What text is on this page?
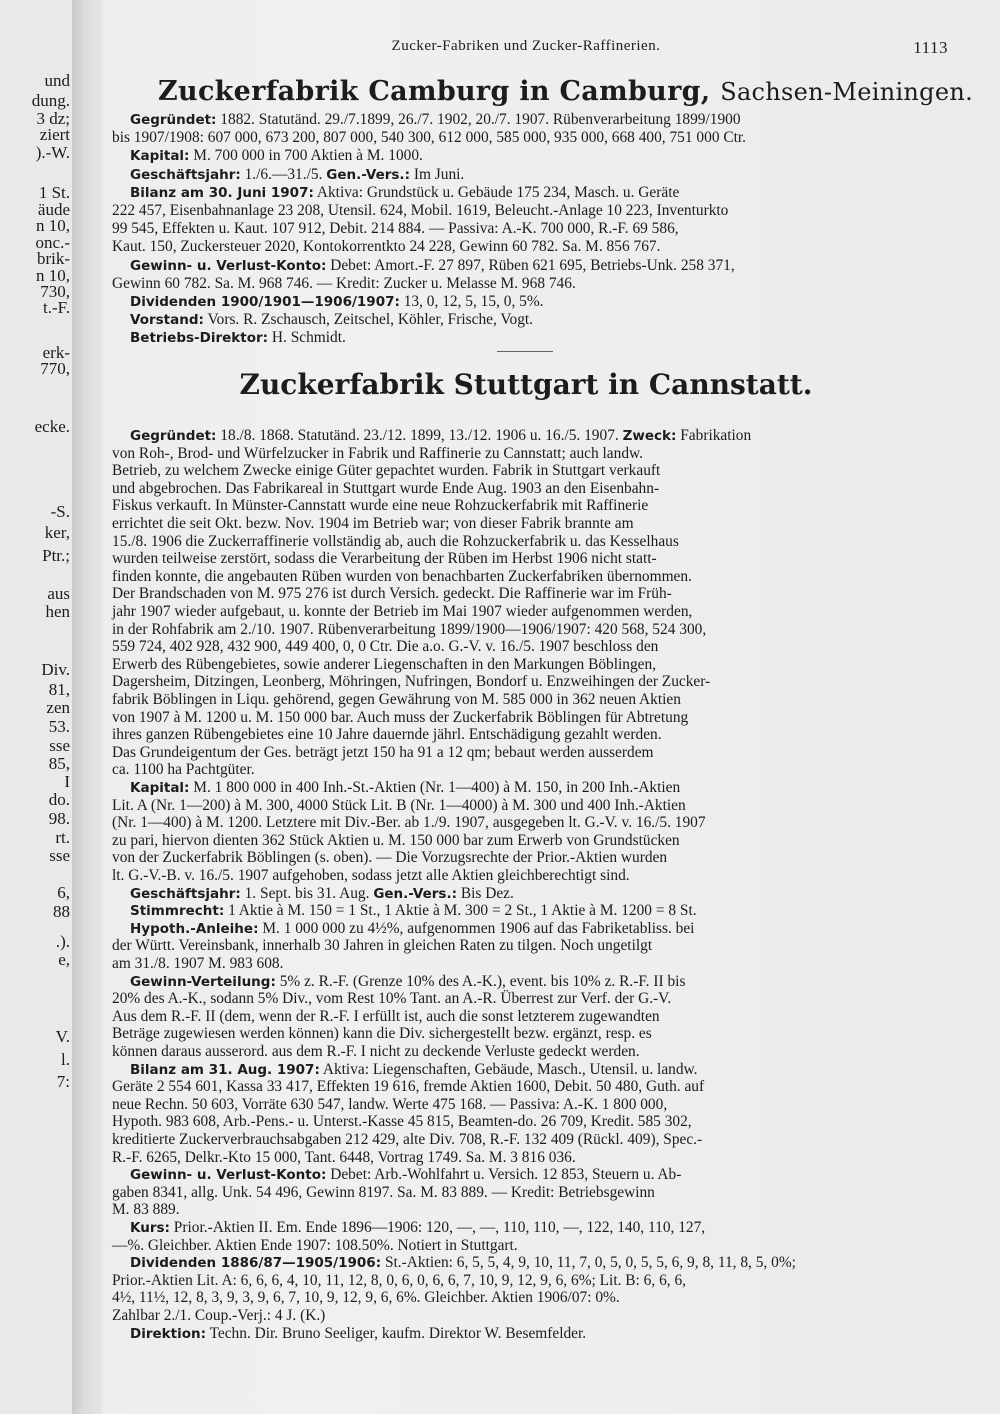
und
dung.
3 dz;
ziert
).-W.
1 St.
äude
n 10,
onc.-
brik-
n 10,
730,
t.-F.
erk-
770,
ecke.
-S.
ker,
Ptr.;
aus
hen
Div.
81,
zen
53.
sse
85,
I
do.
98.
rt.
sse
6,
88
.).
e,
V.
l.
7:
Zucker-Fabriken und Zucker-Raffinerien.	1113
Zuckerfabrik Camburg in Camburg, Sachsen-Meiningen.
Gegründet: 1882. Statutänd. 29./7.1899, 26./7. 1902, 20./7. 1907. Rübenverarbeitung 1899/1900
bis 1907/1908: 607 000, 673 200, 807 000, 540 300, 612 000, 585 000, 935 000, 668 400, 751 000 Ctr.
Kapital: M. 700 000 in 700 Aktien à M. 1000.
Geschäftsjahr: 1./6.—31./5. Gen.-Vers.: Im Juni.
Bilanz am 30. Juni 1907: Aktiva: Grundstück u. Gebäude 175 234, Masch. u. Geräte
222 457, Eisenbahnanlage 23 208, Utensil. 624, Mobil. 1619, Beleucht.-Anlage 10 223, Inventurkto
99 545, Effekten u. Kaut. 107 912, Debit. 214 884. — Passiva: A.-K. 700 000, R.-F. 69 586,
Kaut. 150, Zuckersteuer 2020, Kontokorrentkto 24 228, Gewinn 60 782. Sa. M. 856 767.
Gewinn- u. Verlust-Konto: Debet: Amort.-F. 27 897, Rüben 621 695, Betriebs-Unk. 258 371,
Gewinn 60 782. Sa. M. 968 746. — Kredit: Zucker u. Melasse M. 968 746.
Dividenden 1900/1901—1906/1907: 13, 0, 12, 5, 15, 0, 5%.
Vorstand: Vors. R. Zschausch, Zeitschel, Köhler, Frische, Vogt.
Betriebs-Direktor: H. Schmidt.
Zuckerfabrik Stuttgart in Cannstatt.
Gegründet: 18./8. 1868. Statutänd. 23./12. 1899, 13./12. 1906 u. 16./5. 1907. Zweck: Fabrikation
von Roh-, Brod- und Würfelzucker in Fabrik und Raffinerie zu Cannstatt; auch landw.
Betrieb, zu welchem Zwecke einige Güter gepachtet wurden. Fabrik in Stuttgart verkauft
und abgebrochen. Das Fabrikareal in Stuttgart wurde Ende Aug. 1903 an den Eisenbahn-
Fiskus verkauft. In Münster-Cannstatt wurde eine neue Rohzuckerfabrik mit Raffinerie
errichtet die seit Okt. bezw. Nov. 1904 im Betrieb war; von dieser Fabrik brannte am
15./8. 1906 die Zuckerraffinerie vollständig ab, auch die Rohzuckerfabrik u. das Kesselhaus
wurden teilweise zerstört, sodass die Verarbeitung der Rüben im Herbst 1906 nicht statt-
finden konnte, die angebauten Rüben wurden von benachbarten Zuckerfabriken übernommen.
Der Brandschaden von M. 975 276 ist durch Versich. gedeckt. Die Raffinerie war im Früh-
jahr 1907 wieder aufgebaut, u. konnte der Betrieb im Mai 1907 wieder aufgenommen werden,
in der Rohfabrik am 2./10. 1907. Rübenverarbeitung 1899/1900—1906/1907: 420 568, 524 300,
559 724, 402 928, 432 900, 449 400, 0, 0 Ctr. Die a.o. G.-V. v. 16./5. 1907 beschloss den
Erwerb des Rübengebietes, sowie anderer Liegenschaften in den Markungen Böblingen,
Dagersheim, Ditzingen, Leonberg, Möhringen, Nufringen, Bondorf u. Enzweihingen der Zucker-
fabrik Böblingen in Liqu. gehörend, gegen Gewährung von M. 585 000 in 362 neuen Aktien
von 1907 à M. 1200 u. M. 150 000 bar. Auch muss der Zuckerfabrik Böblingen für Abtretung
ihres ganzen Rübengebietes eine 10 Jahre dauernde jährl. Entschädigung gezahlt werden.
Das Grundeigentum der Ges. beträgt jetzt 150 ha 91 a 12 qm; bebaut werden ausserdem
ca. 1100 ha Pachtgüter.
Kapital: M. 1 800 000 in 400 Inh.-St.-Aktien (Nr. 1—400) à M. 150, in 200 Inh.-Aktien
Lit. A (Nr. 1—200) à M. 300, 4000 Stück Lit. B (Nr. 1—4000) à M. 300 und 400 Inh.-Aktien
(Nr. 1—400) à M. 1200. Letztere mit Div.-Ber. ab 1./9. 1907, ausgegeben lt. G.-V. v. 16./5. 1907
zu pari, hiervon dienten 362 Stück Aktien u. M. 150 000 bar zum Erwerb von Grundstücken
von der Zuckerfabrik Böblingen (s. oben). — Die Vorzugsrechte der Prior.-Aktien wurden
lt. G.-V.-B. v. 16./5. 1907 aufgehoben, sodass jetzt alle Aktien gleichberechtigt sind.
Geschäftsjahr: 1. Sept. bis 31. Aug. Gen.-Vers.: Bis Dez.
Stimmrecht: 1 Aktie à M. 150 = 1 St., 1 Aktie à M. 300 = 2 St., 1 Aktie à M. 1200 = 8 St.
Hypoth.-Anleihe: M. 1 000 000 zu 4½%, aufgenommen 1906 auf das Fabriketabliss. bei
der Württ. Vereinsbank, innerhalb 30 Jahren in gleichen Raten zu tilgen. Noch ungetilgt
am 31./8. 1907 M. 983 608.
Gewinn-Verteilung: 5% z. R.-F. (Grenze 10% des A.-K.), event. bis 10% z. R.-F. II bis
20% des A.-K., sodann 5% Div., vom Rest 10% Tant. an A.-R. Überrest zur Verf. der G.-V.
Aus dem R.-F. II (dem, wenn der R.-F. I erfüllt ist, auch die sonst letzterem zugewandten
Beträge zugewiesen werden können) kann die Div. sichergestellt bezw. ergänzt, resp. es
können daraus ausserord. aus dem R.-F. I nicht zu deckende Verluste gedeckt werden.
Bilanz am 31. Aug. 1907: Aktiva: Liegenschaften, Gebäude, Masch., Utensil. u. landw.
Geräte 2 554 601, Kassa 33 417, Effekten 19 616, fremde Aktien 1600, Debit. 50 480, Guth. auf
neue Rechn. 50 603, Vorräte 630 547, landw. Werte 475 168. — Passiva: A.-K. 1 800 000,
Hypoth. 983 608, Arb.-Pens.- u. Unterst.-Kasse 45 815, Beamten-do. 26 709, Kredit. 585 302,
kreditierte Zuckerverbrauchsabgaben 212 429, alte Div. 708, R.-F. 132 409 (Rückl. 409), Spec.-
R.-F. 6265, Delkr.-Kto 15 000, Tant. 6448, Vortrag 1749. Sa. M. 3 816 036.
Gewinn- u. Verlust-Konto: Debet: Arb.-Wohlfahrt u. Versich. 12 853, Steuern u. Ab-
gaben 8341, allg. Unk. 54 496, Gewinn 8197. Sa. M. 83 889. — Kredit: Betriebsgewinn
M. 83 889.
Kurs: Prior.-Aktien II. Em. Ende 1896—1906: 120, —, —, 110, 110, —, 122, 140, 110, 127,
—%. Gleichber. Aktien Ende 1907: 108.50%. Notiert in Stuttgart.
Dividenden 1886/87—1905/1906: St.-Aktien: 6, 5, 5, 4, 9, 10, 11, 7, 0, 5, 0, 5, 5, 6, 9, 8, 11, 8, 5, 0%;
Prior.-Aktien Lit. A: 6, 6, 6, 4, 10, 11, 12, 8, 0, 6, 0, 6, 6, 7, 10, 9, 12, 9, 6, 6%; Lit. B: 6, 6, 6,
4½, 11½, 12, 8, 3, 9, 3, 9, 6, 7, 10, 9, 12, 9, 6, 6%. Gleichber. Aktien 1906/07: 0%.
Zahlbar 2./1. Coup.-Verj.: 4 J. (K.)
Direktion: Techn. Dir. Bruno Seeliger, kaufm. Direktor W. Besemfelder.
